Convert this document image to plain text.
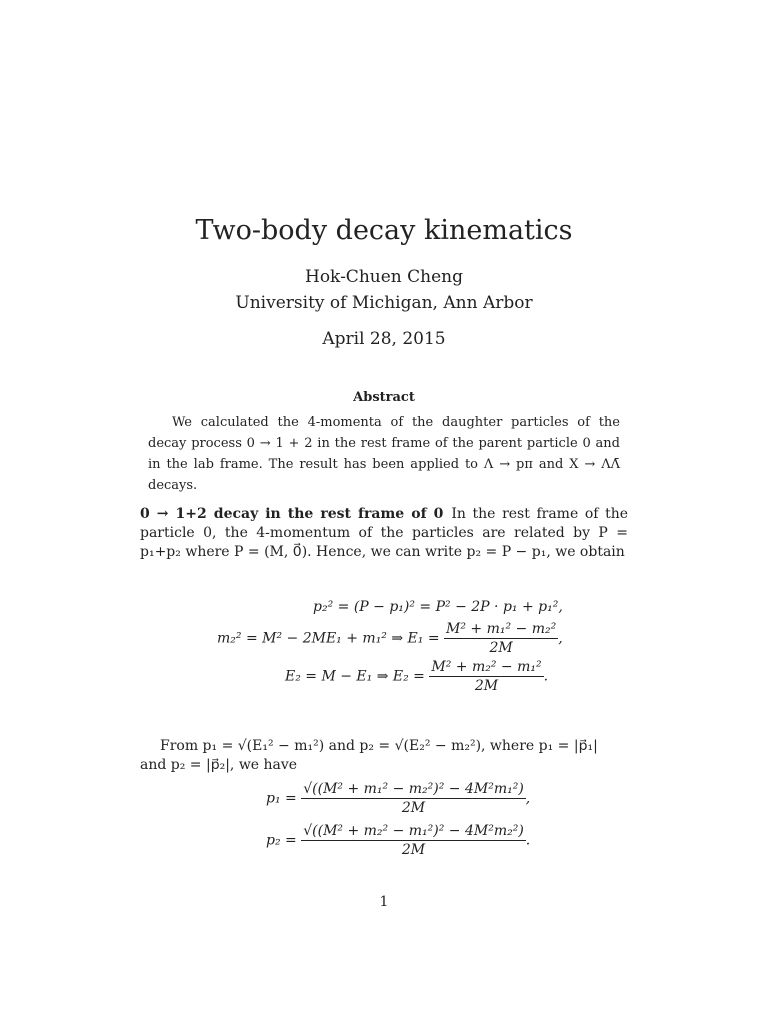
Two-body decay kinematics
Hok-Chuen Cheng
University of Michigan, Ann Arbor
April 28, 2015
Abstract

We calculated the 4-momenta of the daughter particles of the decay process 0 → 1 + 2 in the rest frame of the parent particle 0 and in the lab frame. The result has been applied to Λ → pπ and X → ΛΛ̄ decays.

0 → 1+2 decay in the rest frame of 0 In the rest frame of the particle 0, the 4-momentum of the particles are related by P = p₁+p₂ where P = (M, 0⃗). Hence, we can write p₂ = P − p₁, we obtain

p₂² = (P − p₁)² = P² − 2P · p₁ + p₁²,
m₂² = M² − 2ME₁ + m₁² ⇒ $E_1 = \frac{\text{M² + m₁² − m₂²}}{2M}$ ,
E₂ = M − E₁ ⇒ $E_2 = \frac{\text{M² + m₂² − m₁²}}{2M}$ .

From p₁ = √(E₁² − m₁²) and p₂ = √(E₂² − m₂²), where p₁ = |p⃗₁| and p₂ = |p⃗₂|, we have

$p_1 = \frac{\text{√((M² + m₁² − m₂²)² − 4M²m₁²)}}{2M}$ ,
$p_2 = \frac{\text{√((M² + m₂² − m₁²)² − 4M²m₂²)}}{2M}$ .
1
